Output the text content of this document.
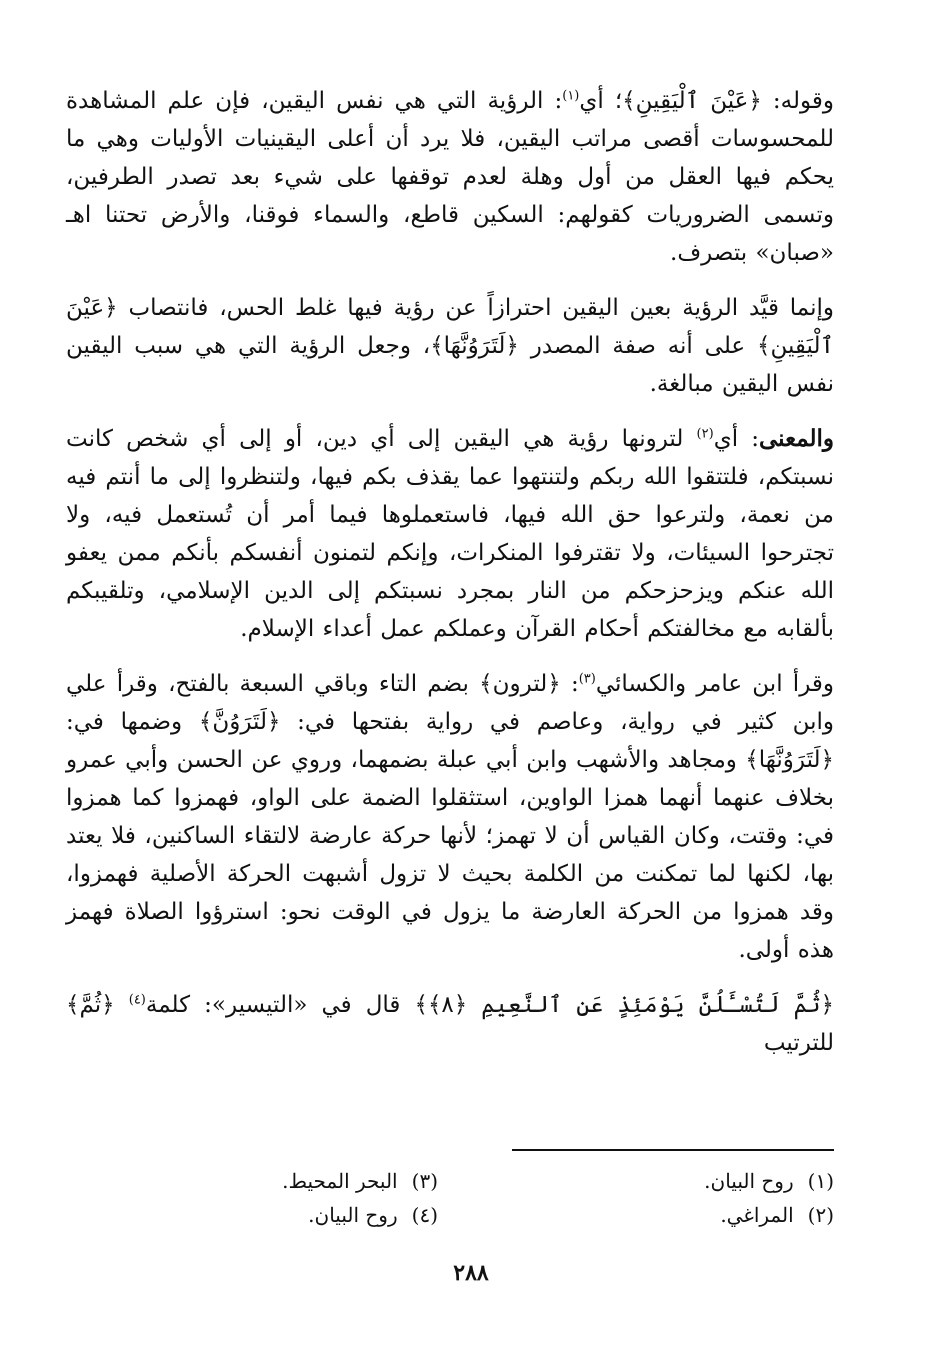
وقوله: ﴿عَيْنَ ٱلْيَقِينِ﴾؛ أي$^{(١)}$: الرؤية التي هي نفس اليقين، فإن علم المشاهدة للمحسوسات أقصى مراتب اليقين، فلا يرد أن أعلى اليقينيات الأوليات وهي ما يحكم فيها العقل من أول وهلة لعدم توقفها على شيء بعد تصدر الطرفين، وتسمى الضروريات كقولهم: السكين قاطع، والسماء فوقنا، والأرض تحتنا اهـ «صبان» بتصرف.

وإنما قيَّد الرؤية بعين اليقين احترازاً عن رؤية فيها غلط الحس، فانتصاب ﴿عَيْنَ ٱلْيَقِينِ﴾ على أنه صفة المصدر ﴿لَتَرَوُنَّهَا﴾، وجعل الرؤية التي هي سبب اليقين نفس اليقين مبالغة.

والمعنى: أي$^{(٢)}$ لترونها رؤية هي اليقين إلى أي دين، أو إلى أي شخص كانت نسبتكم، فلتتقوا الله ربكم ولتنتهوا عما يقذف بكم فيها، ولتنظروا إلى ما أنتم فيه من نعمة، ولترعوا حق الله فيها، فاستعملوها فيما أمر أن تُستعمل فيه، ولا تجترحوا السيئات، ولا تقترفوا المنكرات، وإنكم لتمنون أنفسكم بأنكم ممن يعفو الله عنكم ويزحزحكم من النار بمجرد نسبتكم إلى الدين الإسلامي، وتلقيبكم بألقابه مع مخالفتكم أحكام القرآن وعملكم عمل أعداء الإسلام.

وقرأ ابن عامر والكسائي$^{(٣)}$: ﴿لترون﴾ بضم التاء وباقي السبعة بالفتح، وقرأ علي وابن كثير في رواية، وعاصم في رواية بفتحها في: ﴿لَتَرَوُنَّ﴾ وضمها في: ﴿لَتَرَوُنَّهَا﴾ ومجاهد والأشهب وابن أبي عبلة بضمهما، وروي عن الحسن وأبي عمرو بخلاف عنهما أنهما همزا الواوين، استثقلوا الضمة على الواو، فهمزوا كما همزوا في: وقتت، وكان القياس أن لا تهمز؛ لأنها حركة عارضة لالتقاء الساكنين، فلا يعتد بها، لكنها لما تمكنت من الكلمة بحيث لا تزول أشبهت الحركة الأصلية فهمزوا، وقد همزوا من الحركة العارضة ما يزول في الوقت نحو: استرؤوا الصلاة فهمز هذه أولى.

﴿ثُمَّ لَتُسْـَٔلُنَّ يَوْمَئِذٍ عَنِ ٱلنَّعِيمِ ﴿٨﴾﴾ قال في «التيسير»: كلمة$^{(٤)}$ ﴿ثُمَّ﴾ للترتيب

(١)روح البيان.
(٢)المراغي.
(٣)البحر المحيط.
(٤)روح البيان.
٢٨٨
